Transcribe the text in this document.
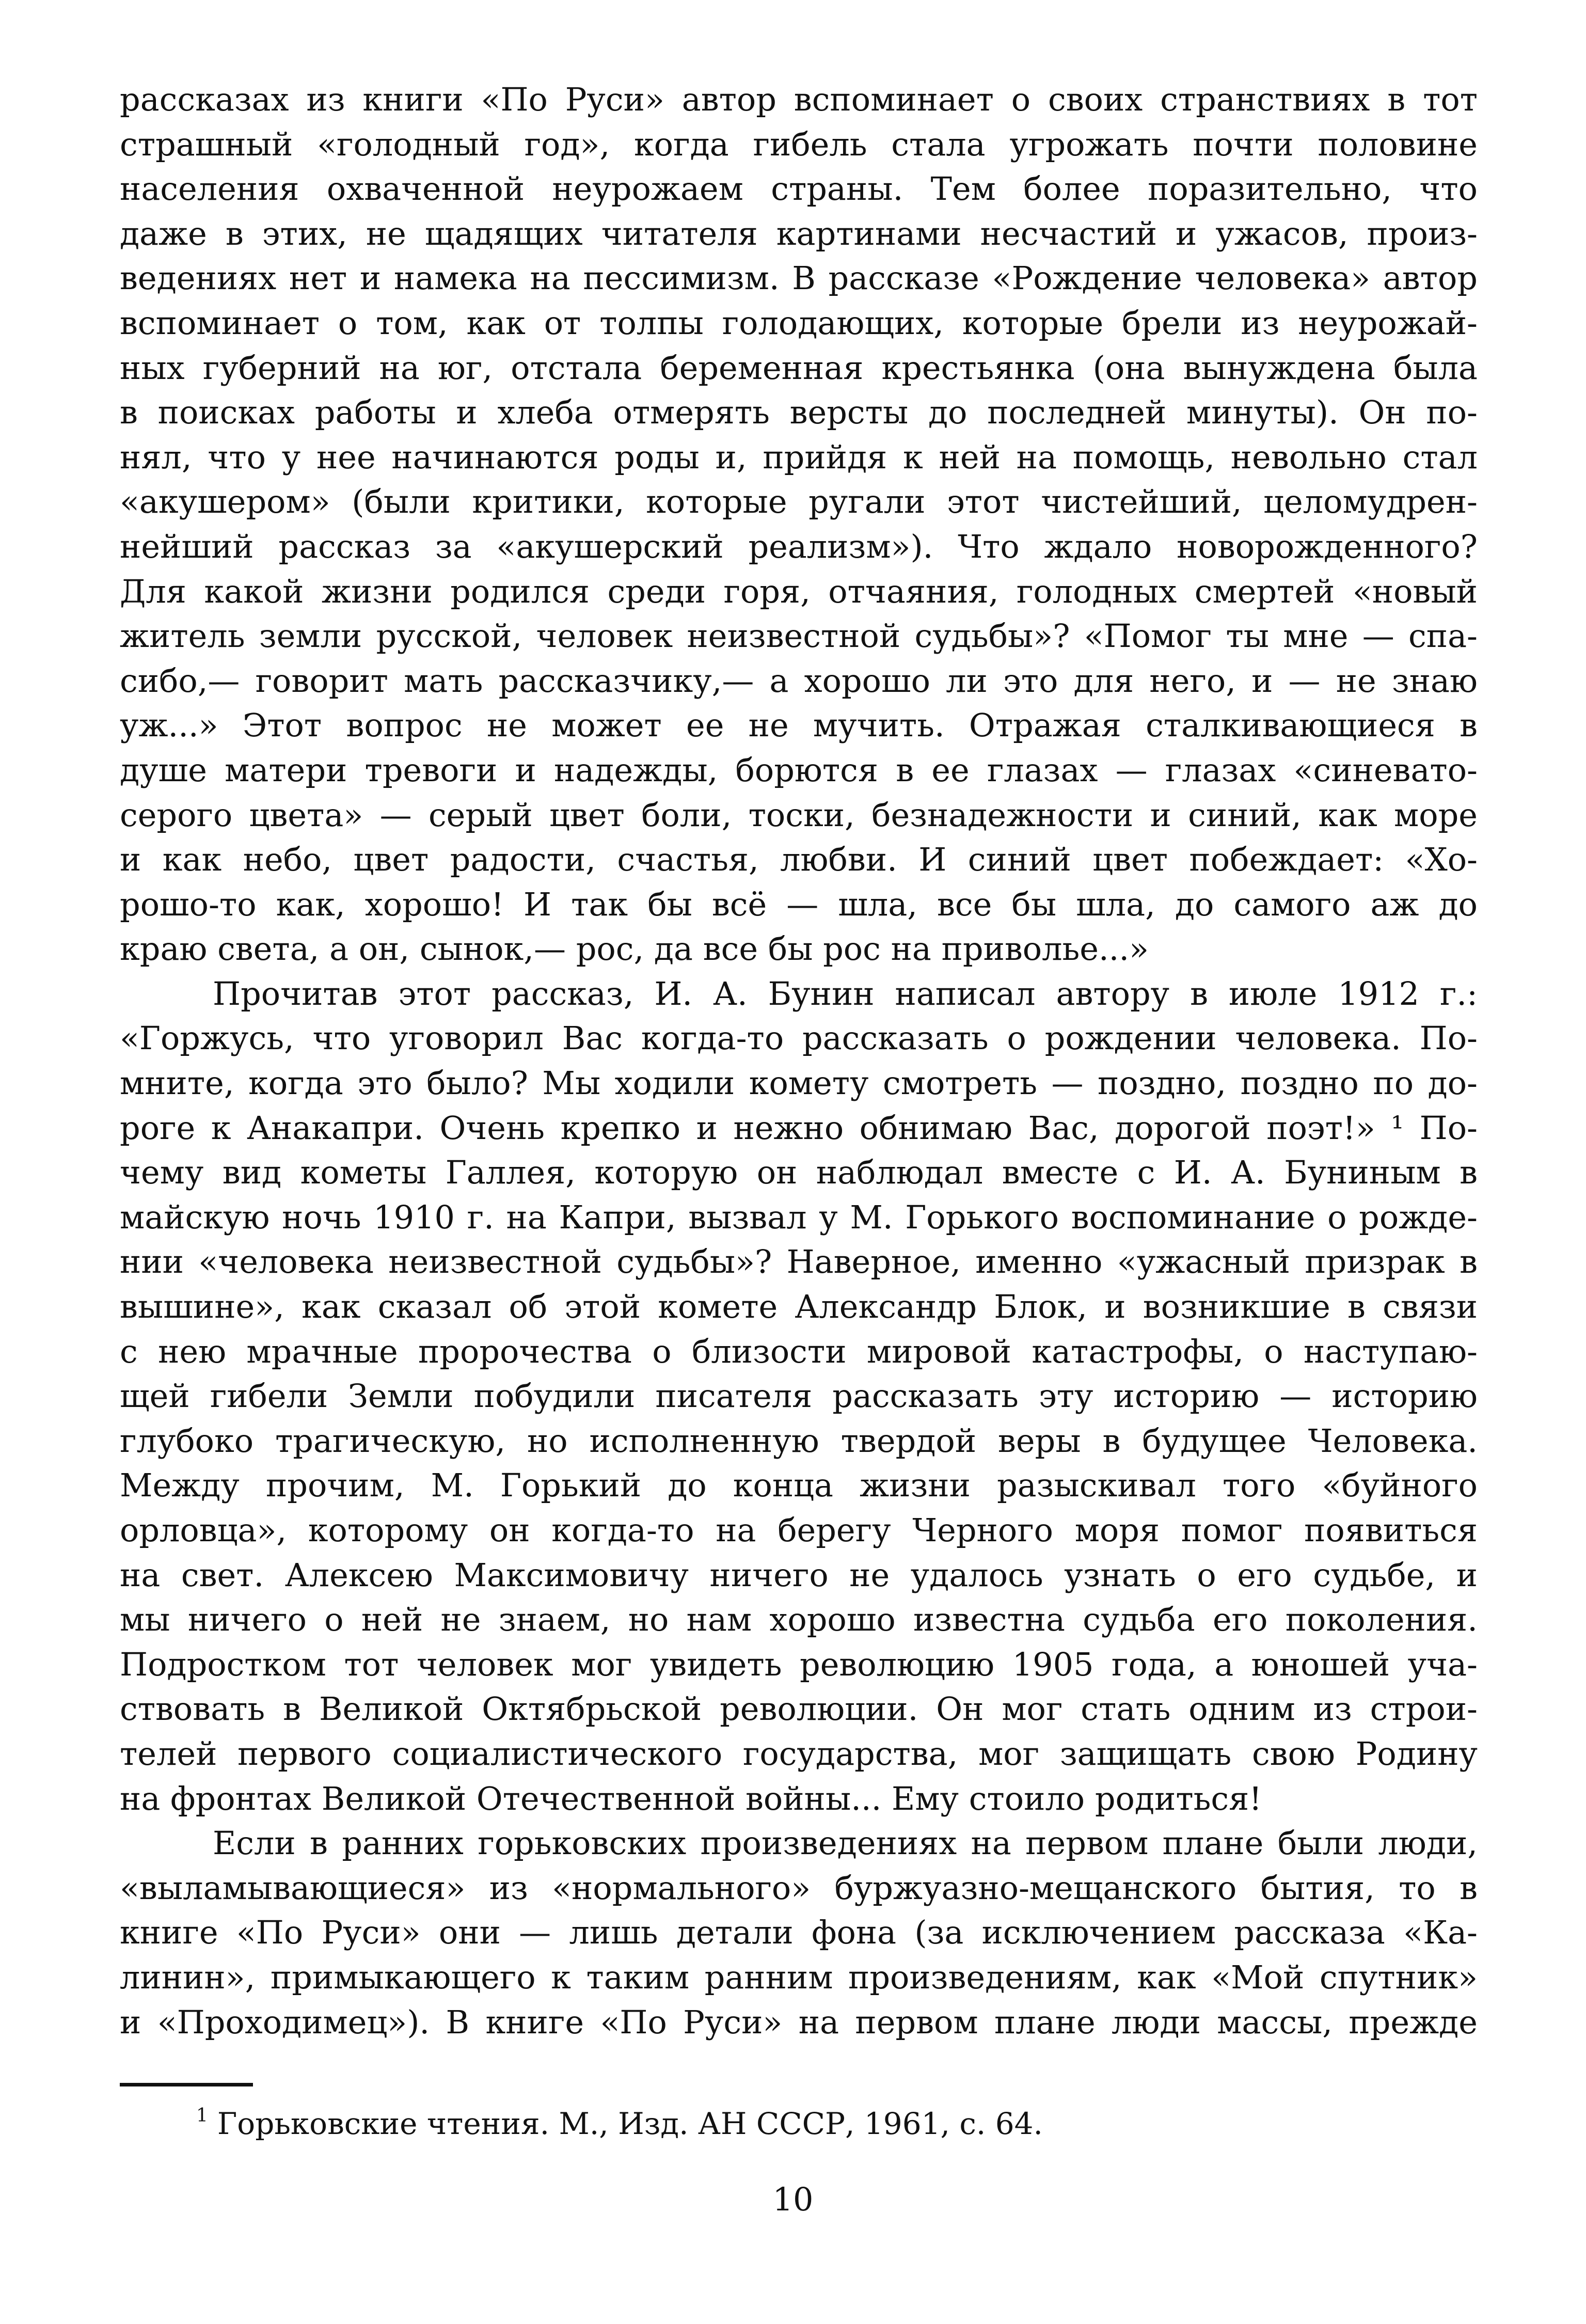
рассказах из книги «По Руси» автор вспоминает о своих странствиях в тот
страшный «голодный год», когда гибель стала угрожать почти половине
населения охваченной неурожаем страны. Тем более поразительно, что
даже в этих, не щадящих читателя картинами несчастий и ужасов, произ-
ведениях нет и намека на пессимизм. В рассказе «Рождение человека» автор
вспоминает о том, как от толпы голодающих, которые брели из неурожай-
ных губерний на юг, отстала беременная крестьянка (она вынуждена была
в поисках работы и хлеба отмерять версты до последней минуты). Он по-
нял, что у нее начинаются роды и, прийдя к ней на помощь, невольно стал
«акушером» (были критики, которые ругали этот чистейший, целомудрен-
нейший рассказ за «акушерский реализм»). Что ждало новорожденного?
Для какой жизни родился среди горя, отчаяния, голодных смертей «новый
житель земли русской, человек неизвестной судьбы»? «Помог ты мне — спа-
сибо,— говорит мать рассказчику,— а хорошо ли это для него, и — не знаю
уж...» Этот вопрос не может ее не мучить. Отражая сталкивающиеся в
душе матери тревоги и надежды, борются в ее глазах — глазах «синевато-
серого цвета» — серый цвет боли, тоски, безнадежности и синий, как море
и как небо, цвет радости, счастья, любви. И синий цвет побеждает: «Хо-
рошо-то как, хорошо! И так бы всё — шла, все бы шла, до самого аж до
краю света, а он, сынок,— рос, да все бы рос на приволье...»
Прочитав этот рассказ, И. А. Бунин написал автору в июле 1912 г.:
«Горжусь, что уговорил Вас когда-то рассказать о рождении человека. По-
мните, когда это было? Мы ходили комету смотреть — поздно, поздно по до-
роге к Анакапри. Очень крепко и нежно обнимаю Вас, дорогой поэт!» ¹ По-
чему вид кометы Галлея, которую он наблюдал вместе с И. А. Буниным в
майскую ночь 1910 г. на Капри, вызвал у М. Горького воспоминание о рожде-
нии «человека неизвестной судьбы»? Наверное, именно «ужасный призрак в
вышине», как сказал об этой комете Александр Блок, и возникшие в связи
с нею мрачные пророчества о близости мировой катастрофы, о наступаю-
щей гибели Земли побудили писателя рассказать эту историю — историю
глубоко трагическую, но исполненную твердой веры в будущее Человека.
Между прочим, М. Горький до конца жизни разыскивал того «буйного
орловца», которому он когда-то на берегу Черного моря помог появиться
на свет. Алексею Максимовичу ничего не удалось узнать о его судьбе, и
мы ничего о ней не знаем, но нам хорошо известна судьба его поколения.
Подростком тот человек мог увидеть революцию 1905 года, а юношей уча-
ствовать в Великой Октябрьской революции. Он мог стать одним из строи-
телей первого социалистического государства, мог защищать свою Родину
на фронтах Великой Отечественной войны... Ему стоило родиться!
Если в ранних горьковских произведениях на первом плане были люди,
«выламывающиеся» из «нормального» буржуазно-мещанского бытия, то в
книге «По Руси» они — лишь детали фона (за исключением рассказа «Ка-
линин», примыкающего к таким ранним произведениям, как «Мой спутник»
и «Проходимец»). В книге «По Руси» на первом плане люди массы, прежде
$^1$ Горьковские чтения. М., Изд. АН СССР, 1961, с. 64.
10
